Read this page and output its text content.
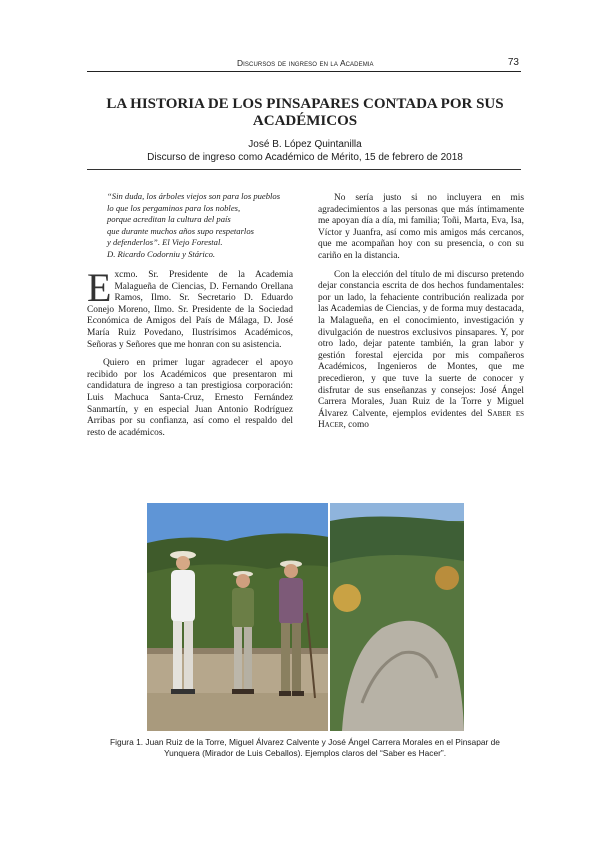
Discursos de ingreso en la Academia	73
LA HISTORIA DE LOS PINSAPARES CONTADA POR SUS
ACADÉMICOS
José B. López Quintanilla
Discurso de ingreso como Académico de Mérito, 15 de febrero de 2018
“Sin duda, los árboles viejos son para los pueblos
lo que los pergaminos para los nobles,
porque acreditan la cultura del país
que durante muchos años supo respetarlos
y defenderlos”. El Viejo Forestal.
D. Ricardo Codorniu y Stárico.

Excmo. Sr. Presidente de la Academia Malagueña de Ciencias, D. Fernando Orellana Ramos, Ilmo. Sr. Secretario D. Eduardo Conejo Moreno, Ilmo. Sr. Presidente de la Sociedad Económica de Amigos del País de Málaga, D. José María Ruiz Povedano, Ilustrísimos Académicos, Señoras y Señores que me honran con su asistencia.

Quiero en primer lugar agradecer el apoyo recibido por los Académicos que presentaron mi candidatura de ingreso a tan prestigiosa corporación: Luis Machuca Santa-Cruz, Ernesto Fernández Sanmartín, y en especial Juan Antonio Rodríguez Arribas por su confianza, así como el respaldo del resto de académicos.

No sería justo si no incluyera en mis agradecimientos a las personas que más íntimamente me apoyan día a día, mi familia; Toñi, Marta, Eva, Isa, Víctor y Juanfra, así como mis amigos más cercanos, que me acompañan hoy con su presencia, o con su cariño en la distancia.

Con la elección del título de mi discurso pretendo dejar constancia escrita de dos hechos fundamentales: por un lado, la fehaciente contribución realizada por las Academias de Ciencias, y de forma muy destacada, la Malagueña, en el conocimiento, investigación y divulgación de nuestros exclusivos pinsapares. Y, por otro lado, dejar patente también, la gran labor y gestión forestal ejercida por mis compañeros Académicos, Ingenieros de Montes, que me precedieron, y que tuve la suerte de conocer y disfrutar de sus enseñanzas y consejos: José Ángel Carrera Morales, Juan Ruiz de la Torre y Miguel Álvarez Calvente, ejemplos evidentes del Saber es Hacer, como

Figura 1. Juan Ruiz de la Torre, Miguel Álvarez Calvente y José Ángel Carrera Morales en el Pinsapar de
Yunquera (Mirador de Luis Ceballos). Ejemplos claros del “Saber es Hacer”.
